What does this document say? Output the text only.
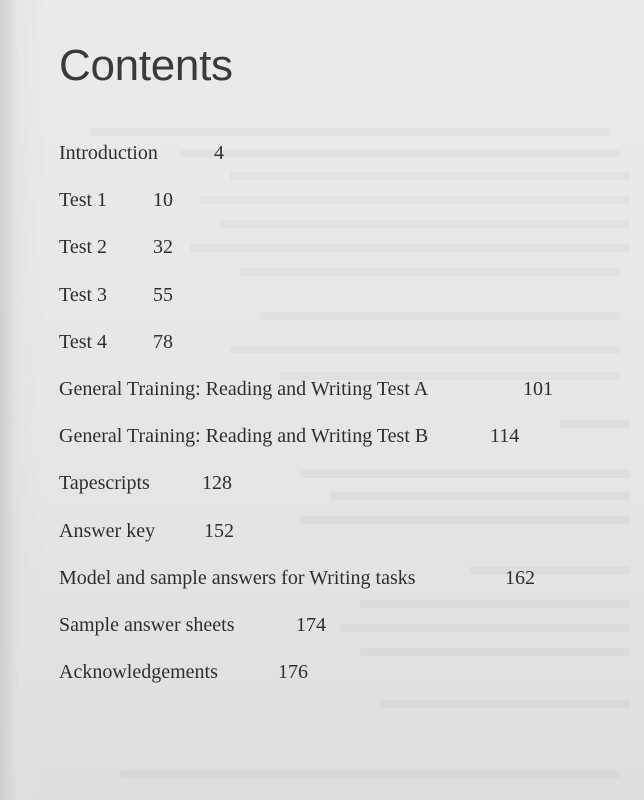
Contents
Introduction	4
Test 1 10
Test 2 32
Test 3 55
Test 4 78
General Training: Reading and Writing Test A	101
General Training: Reading and Writing Test B	114
Tapescripts	128
Answer key 152
Model and sample answers for Writing tasks	162
Sample answer sheets	174
Acknowledgements	176
